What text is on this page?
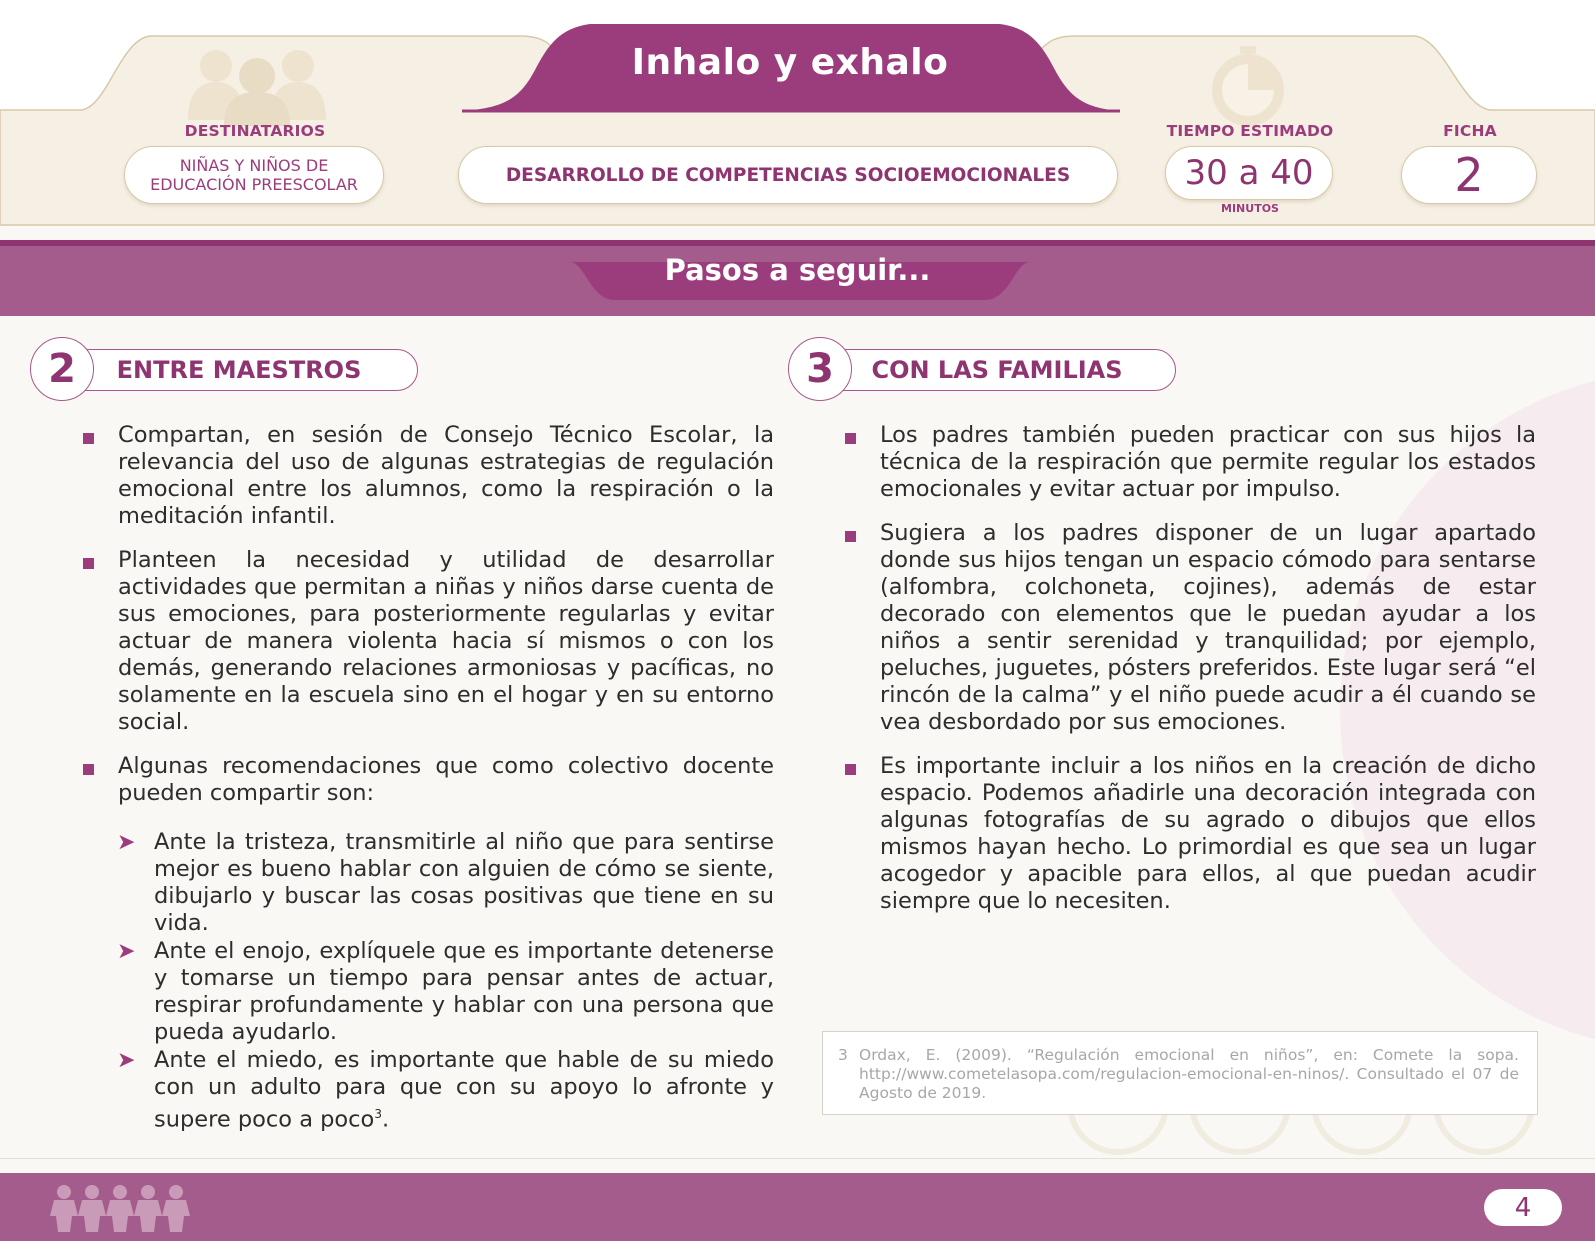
Inhalo y exhalo
DESTINATARIOS
NIÑAS Y NIÑOS DE
EDUCACIÓN PREESCOLAR	DESARROLLO DE COMPETENCIAS SOCIOEMOCIONALES
TIEMPO ESTIMADO
30 a 40
MINUTOS
FICHA
2
Pasos a seguir...
ENTRE MAESTROS
2
Compartan, en sesión de Consejo Técnico Escolar, la relevancia del uso de algunas estrategias de regulación emocional entre los alumnos, como la respiración o la meditación infantil.
Planteen la necesidad y utilidad de desarrollar actividades que permitan a niñas y niños darse cuenta de sus emociones, para posteriormente regularlas y evitar actuar de manera violenta hacia sí mismos o con los demás, generando relaciones armoniosas y pacíficas, no solamente en la escuela sino en el hogar y en su entorno social.
Algunas recomendaciones que como colectivo docente pueden compartir son:
➤ Ante la tristeza, transmitirle al niño que para sentirse mejor es bueno hablar con alguien de cómo se siente, dibujarlo y buscar las cosas positivas que tiene en su vida.
➤ Ante el enojo, explíquele que es importante detenerse y tomarse un tiempo para pensar antes de actuar, respirar profundamente y hablar con una persona que pueda ayudarlo.
➤ Ante el miedo, es importante que hable de su miedo con un adulto para que con su apoyo lo afronte y supere poco a poco$^3$.
CON LAS FAMILIAS
3
Los padres también pueden practicar con sus hijos la técnica de la respiración que permite regular los estados emocionales y evitar actuar por impulso.
Sugiera a los padres disponer de un lugar apartado donde sus hijos tengan un espacio cómodo para sentarse (alfombra, colchoneta, cojines), además de estar decorado con elementos que le puedan ayudar a los niños a sentir serenidad y tranquilidad; por ejemplo, peluches, juguetes, pósters preferidos. Este lugar será “el rincón de la calma” y el niño puede acudir a él cuando se vea desbordado por sus emociones.
Es importante incluir a los niños en la creación de dicho espacio. Podemos añadirle una decoración integrada con algunas fotografías de su agrado o dibujos que ellos mismos hayan hecho. Lo primordial es que sea un lugar acogedor y apacible para ellos, al que puedan acudir siempre que lo necesiten.
3 Ordax, E. (2009). “Regulación emocional en niños”, en: Comete la sopa. http://www.cometelasopa.com/regulacion-emocional-en-ninos/. Consultado el 07 de Agosto de 2019.
4
